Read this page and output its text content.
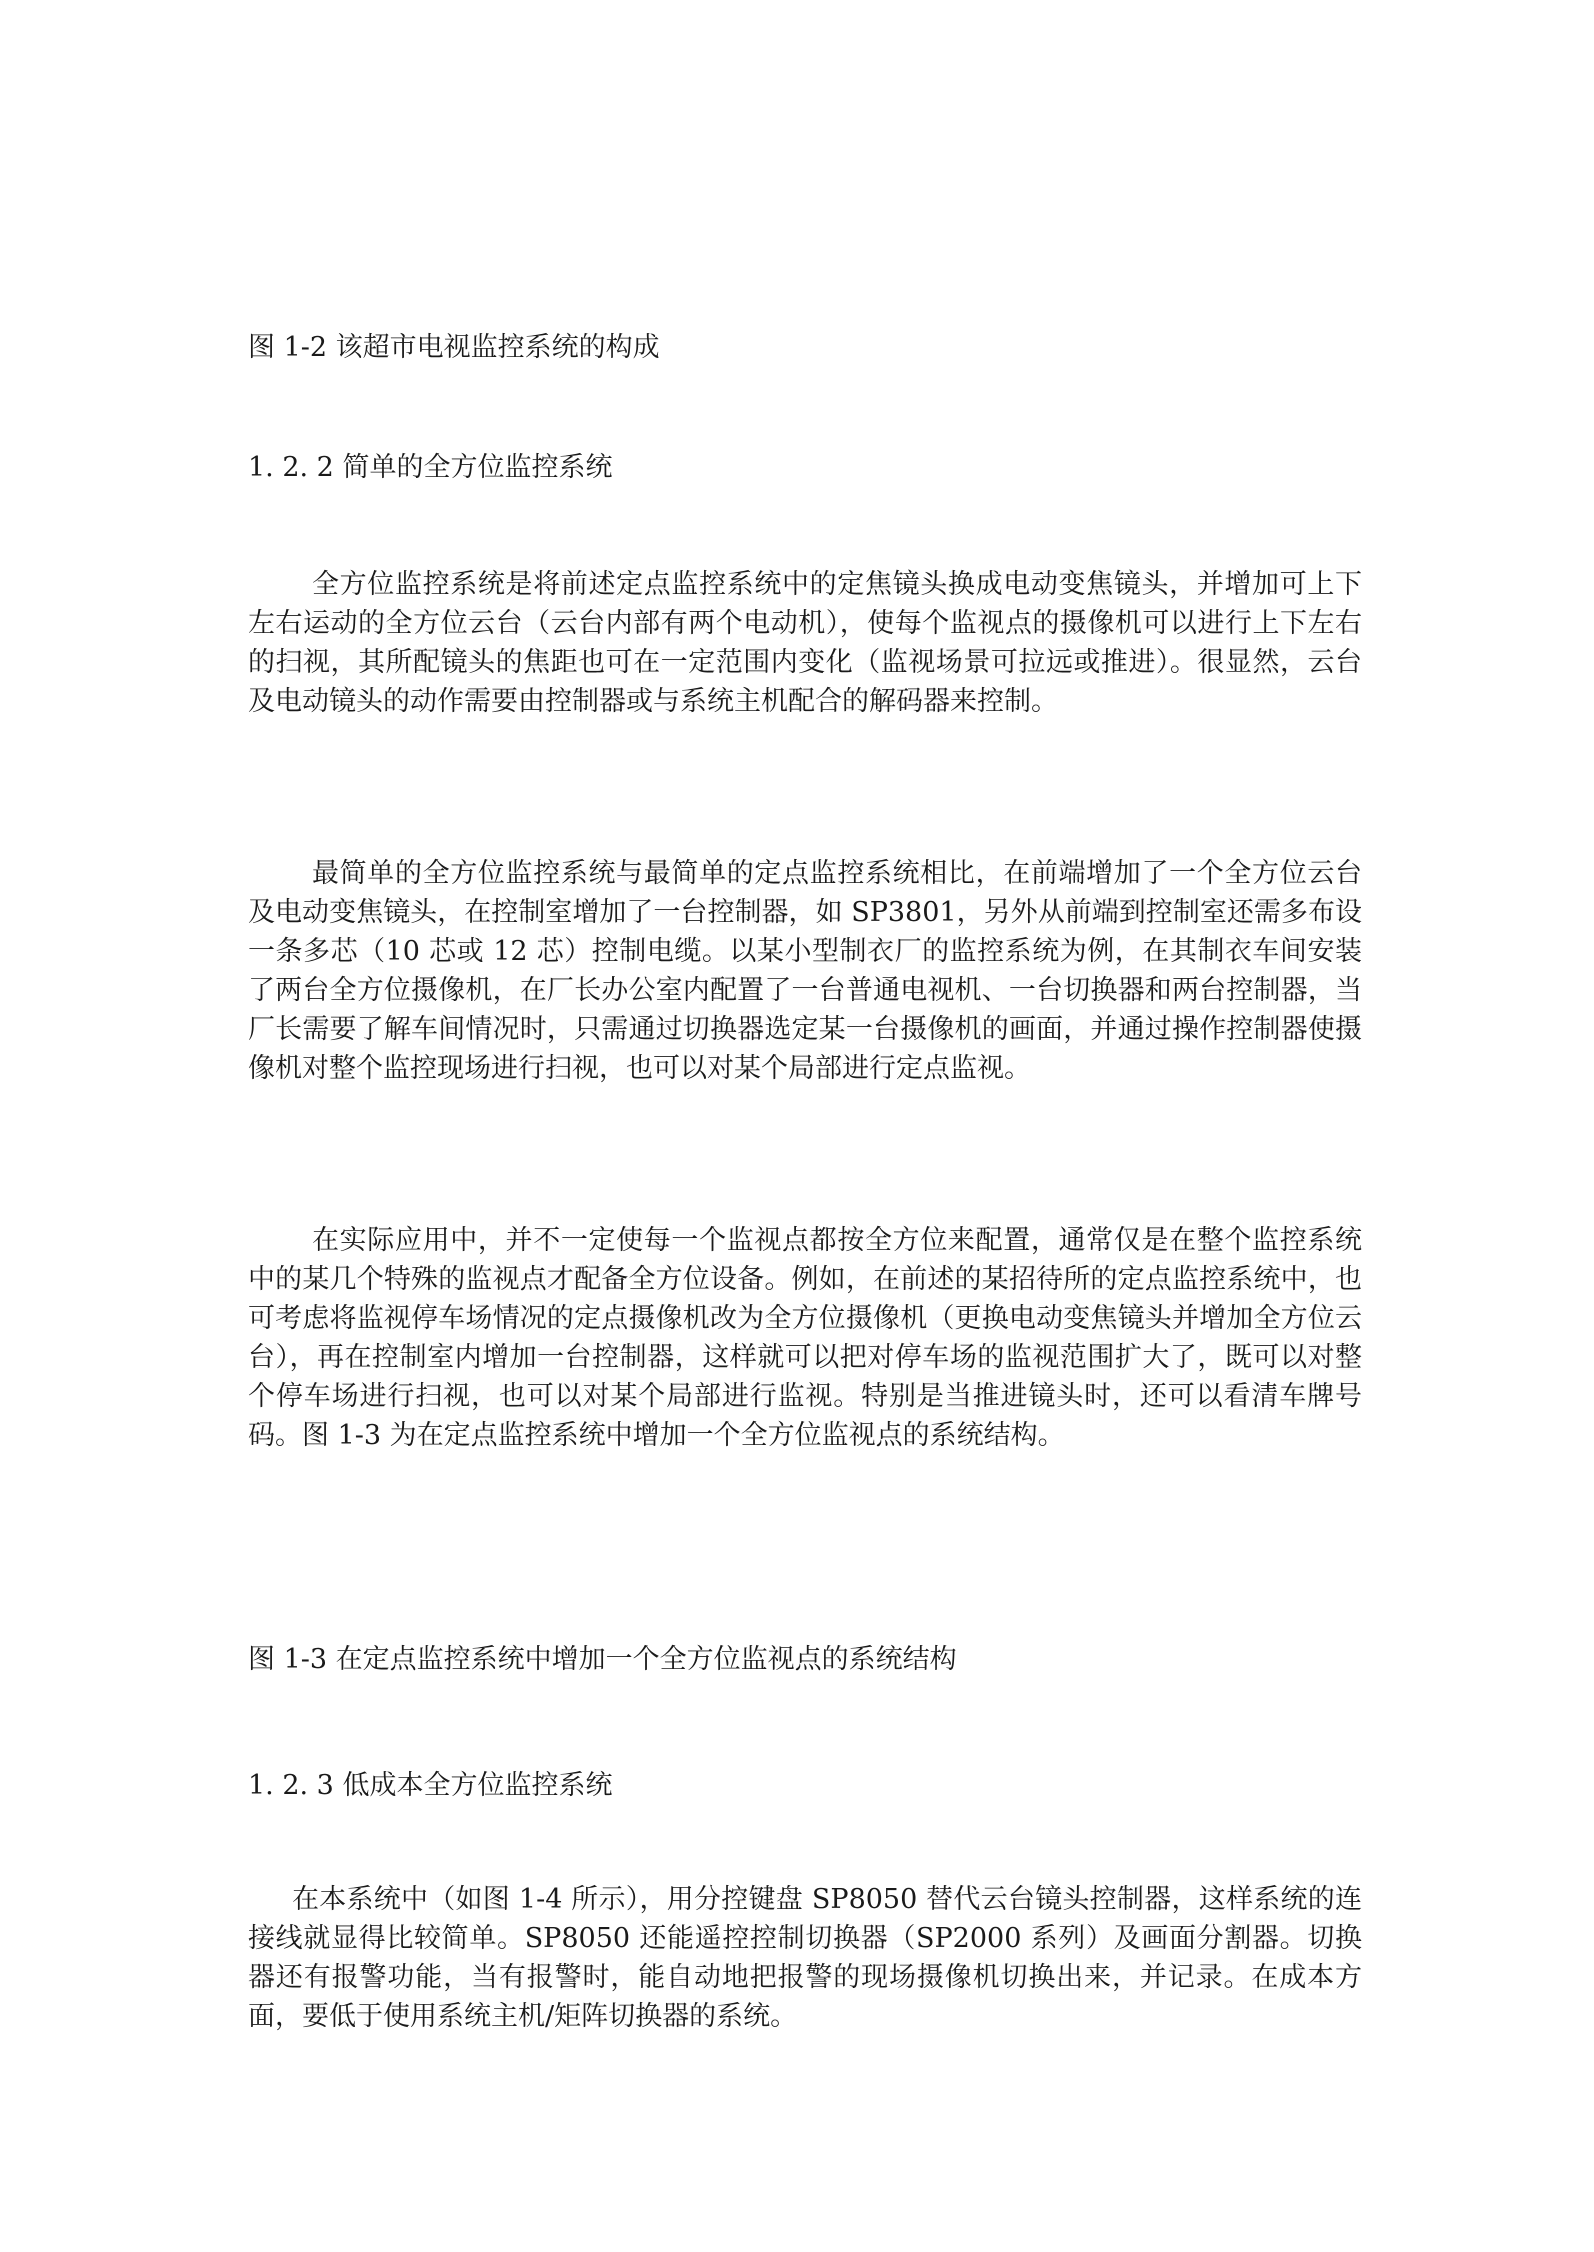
图 1-2 该超市电视监控系统的构成

1. 2. 2 简单的全方位监控系统

全方位监控系统是将前述定点监控系统中的定焦镜头换成电动变焦镜头，并增加可上下左右运动的全方位云台（云台内部有两个电动机），使每个监视点的摄像机可以进行上下左右的扫视，其所配镜头的焦距也可在一定范围内变化（监视场景可拉远或推进）。很显然，云台及电动镜头的动作需要由控制器或与系统主机配合的解码器来控制。

最简单的全方位监控系统与最简单的定点监控系统相比，在前端增加了一个全方位云台及电动变焦镜头，在控制室增加了一台控制器，如 SP3801，另外从前端到控制室还需多布设一条多芯（10 芯或 12 芯）控制电缆。以某小型制衣厂的监控系统为例，在其制衣车间安装了两台全方位摄像机，在厂长办公室内配置了一台普通电视机、一台切换器和两台控制器，当厂长需要了解车间情况时，只需通过切换器选定某一台摄像机的画面，并通过操作控制器使摄像机对整个监控现场进行扫视，也可以对某个局部进行定点监视。

在实际应用中，并不一定使每一个监视点都按全方位来配置，通常仅是在整个监控系统中的某几个特殊的监视点才配备全方位设备。例如，在前述的某招待所的定点监控系统中，也可考虑将监视停车场情况的定点摄像机改为全方位摄像机（更换电动变焦镜头并增加全方位云台），再在控制室内增加一台控制器，这样就可以把对停车场的监视范围扩大了，既可以对整个停车场进行扫视，也可以对某个局部进行监视。特别是当推进镜头时，还可以看清车牌号码。图 1-3 为在定点监控系统中增加一个全方位监视点的系统结构。

图 1-3 在定点监控系统中增加一个全方位监视点的系统结构

1. 2. 3 低成本全方位监控系统

在本系统中（如图 1-4 所示），用分控键盘 SP8050 替代云台镜头控制器，这样系统的连接线就显得比较简单。SP8050 还能遥控控制切换器（SP2000 系列）及画面分割器。切换器还有报警功能，当有报警时，能自动地把报警的现场摄像机切换出来，并记录。在成本方面，要低于使用系统主机/矩阵切换器的系统。
